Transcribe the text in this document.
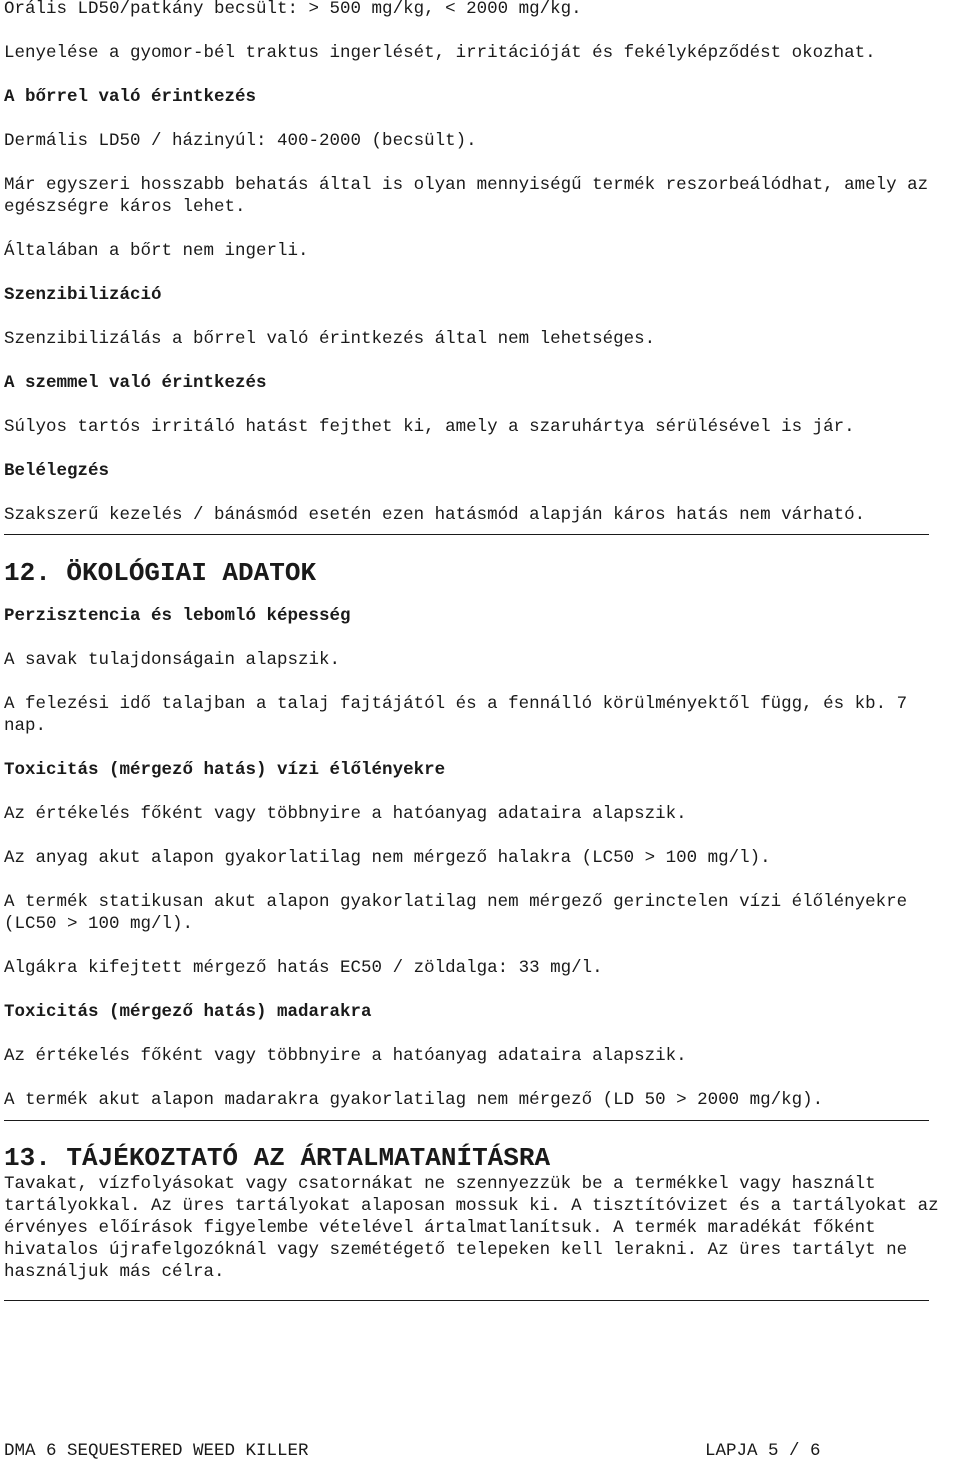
Orális LD50/patkány becsült: > 500 mg/kg, < 2000 mg/kg.

Lenyelése a gyomor-bél traktus ingerlését, irritációját és fekélyképződést okozhat.

A bőrrel való érintkezés

Dermális LD50 / házinyúl: 400-2000 (becsült).

Már egyszeri hosszabb behatás által is olyan mennyiségű termék reszorbeálódhat, amely az egészségre káros lehet.

Általában a bőrt nem ingerli.

Szenzibilizáció

Szenzibilizálás a bőrrel való érintkezés által nem lehetséges.

A szemmel való érintkezés

Súlyos tartós irritáló hatást fejthet ki, amely a szaruhártya sérülésével is jár.

Belélegzés

Szakszerű kezelés / bánásmód esetén ezen hatásmód alapján káros hatás nem várható.

12. ÖKOLÓGIAI ADATOK
Perzisztencia és lebomló képesség

A savak tulajdonságain alapszik.

A felezési idő talajban a talaj fajtájától és a fennálló körülményektől függ, és kb. 7 nap.

Toxicitás (mérgező hatás) vízi élőlényekre

Az értékelés főként vagy többnyire a hatóanyag adataira alapszik.

Az anyag akut alapon gyakorlatilag nem mérgező halakra (LC50 > 100 mg/l).

A termék statikusan akut alapon gyakorlatilag nem mérgező gerinctelen vízi élőlényekre (LC50 > 100 mg/l).

Algákra kifejtett mérgező hatás EC50 / zöldalga: 33 mg/l.

Toxicitás (mérgező hatás) madarakra

Az értékelés főként vagy többnyire a hatóanyag adataira alapszik.

A termék akut alapon madarakra gyakorlatilag nem mérgező (LD 50 > 2000 mg/kg).

13. TÁJÉKOZTATÓ AZ ÁRTALMATANÍTÁSRA

Tavakat, vízfolyásokat vagy csatornákat ne szennyezzük be a termékkel vagy használt tartályokkal. Az üres tartályokat alaposan mossuk ki. A tisztítóvizet és a tartályokat az érvényes előírások figyelembe vételével ártalmatlanítsuk. A termék maradékát főként hivatalos újrafelgozóknál vagy szemétégető telepeken kell lerakni. Az üres tartályt ne használjuk más célra.

DMA 6 SEQUESTERED WEED KILLER	LAPJA 5 / 6
